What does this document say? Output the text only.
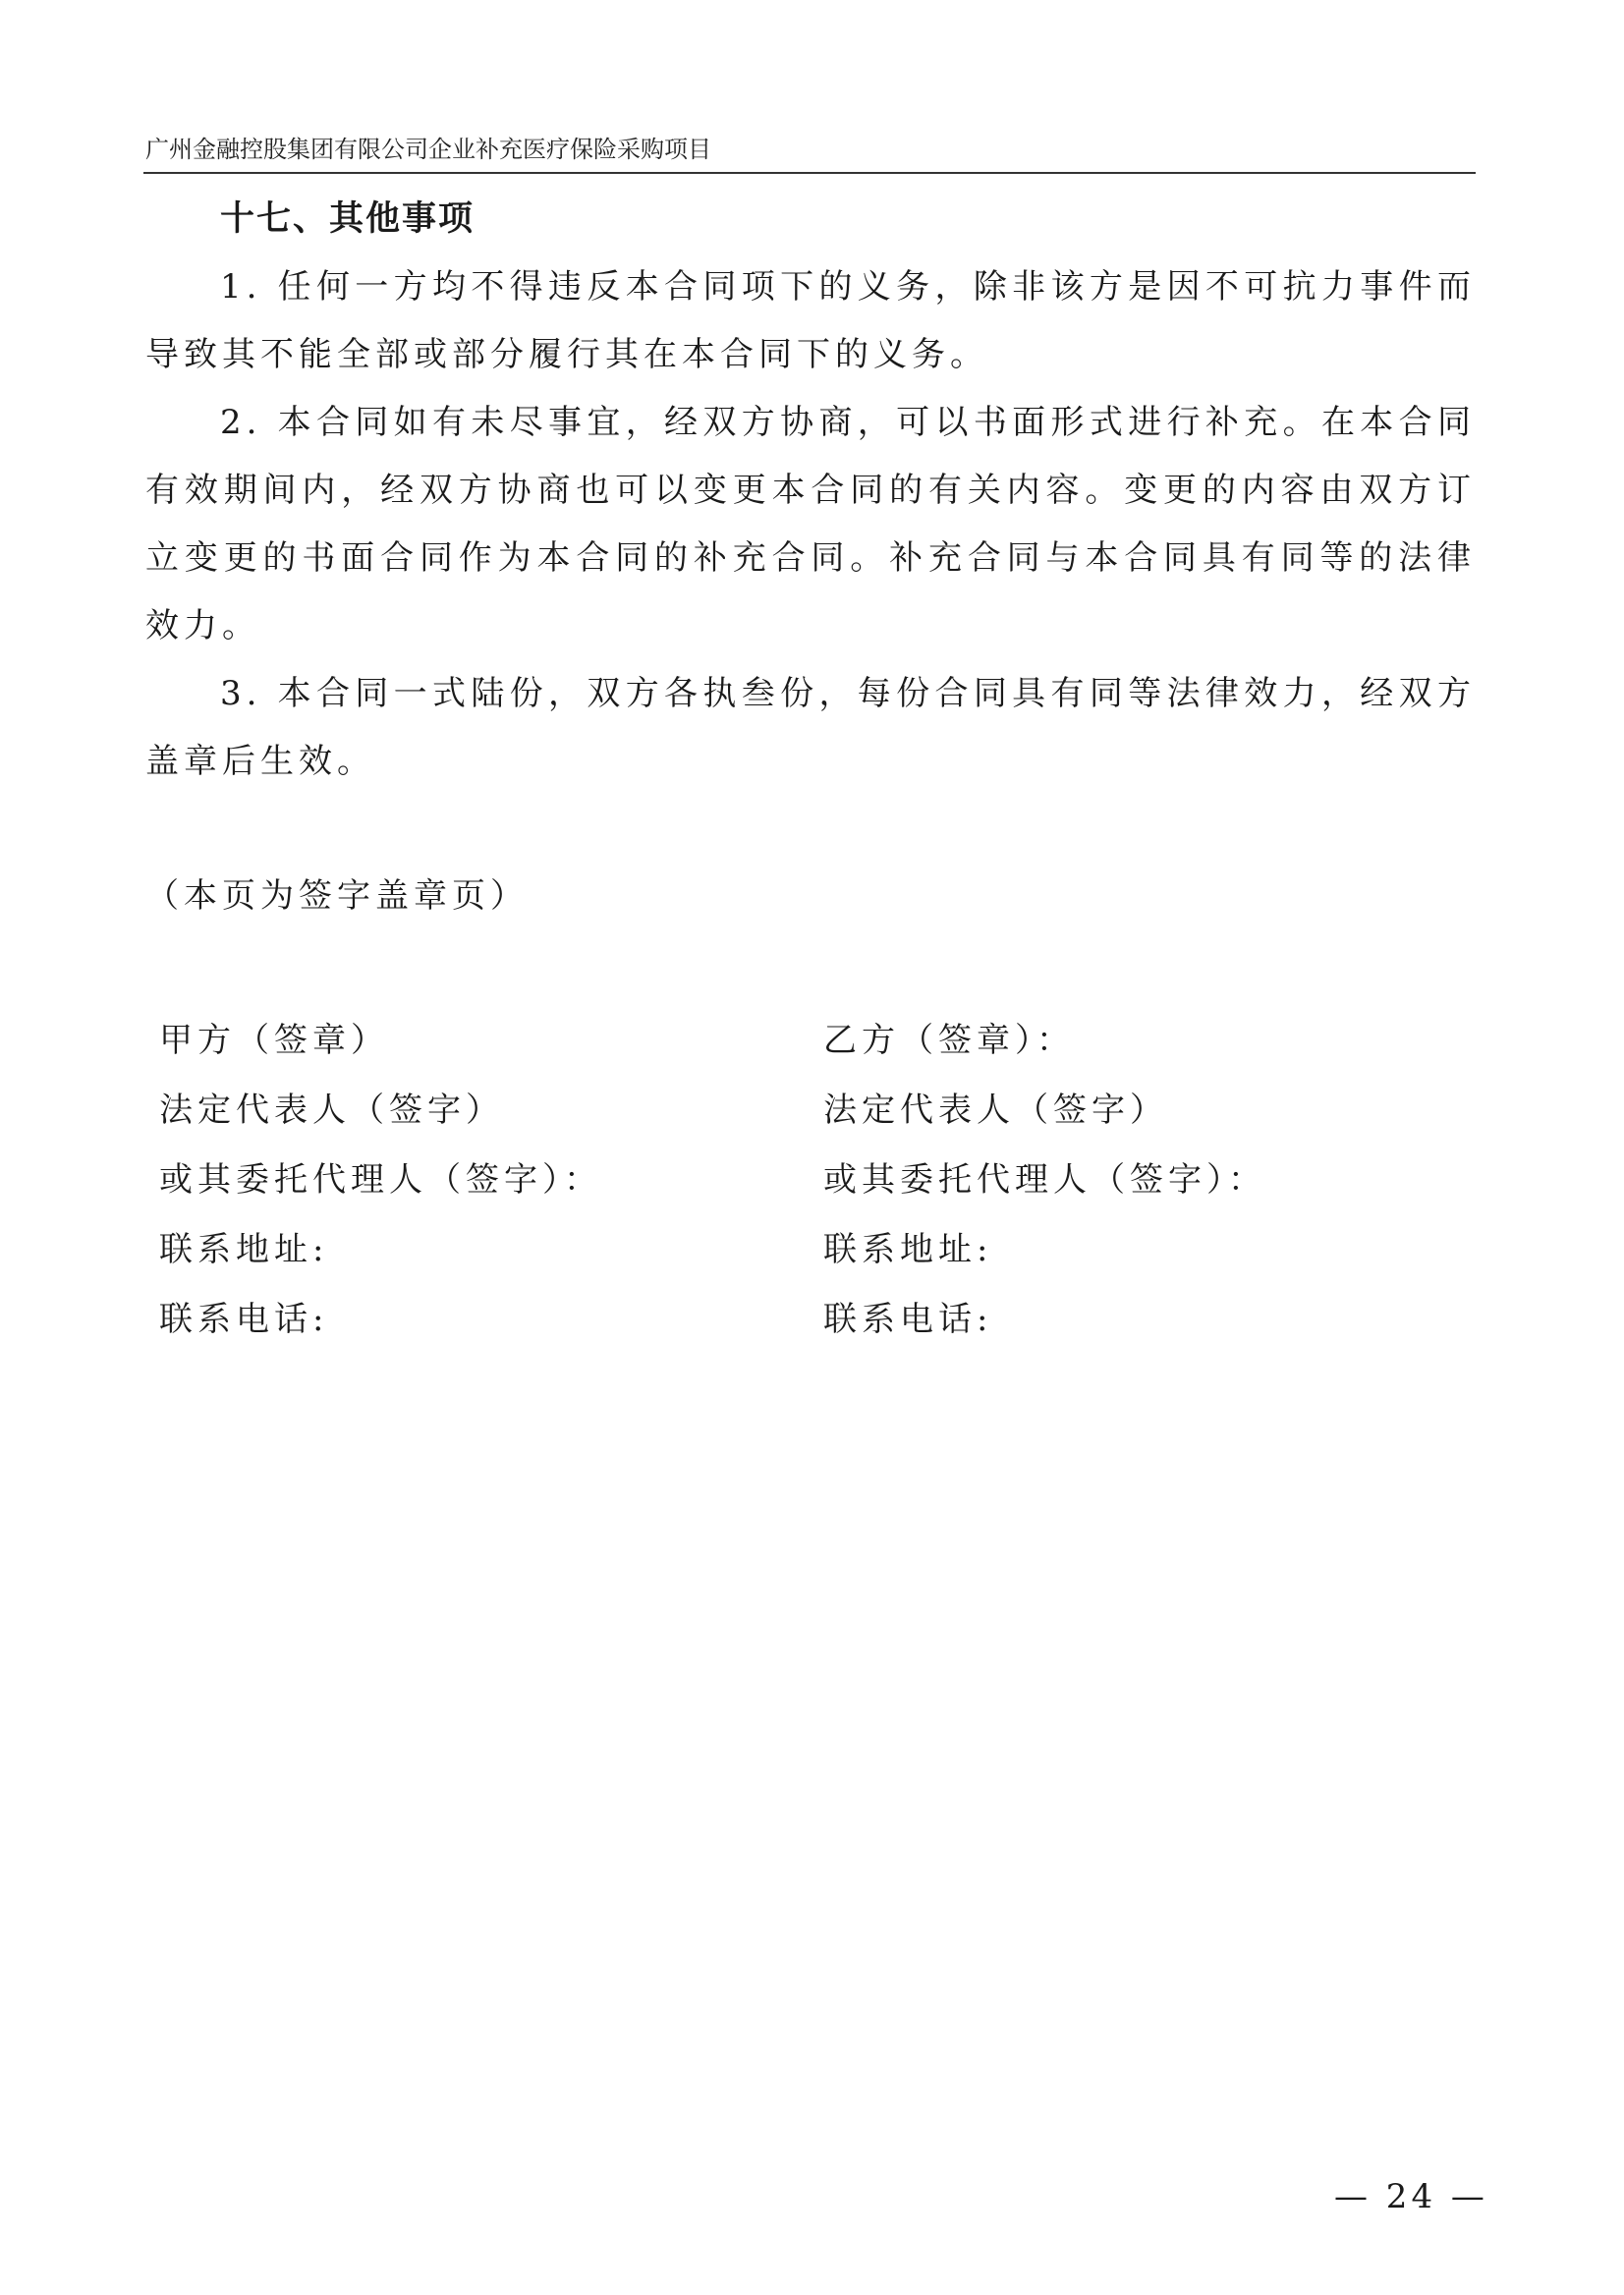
广州金融控股集团有限公司企业补充医疗保险采购项目
十七、其他事项

1. 任何一方均不得违反本合同项下的义务，除非该方是因不可抗力事件而导致其不能全部或部分履行其在本合同下的义务。

2. 本合同如有未尽事宜，经双方协商，可以书面形式进行补充。在本合同有效期间内，经双方协商也可以变更本合同的有关内容。变更的内容由双方订立变更的书面合同作为本合同的补充合同。补充合同与本合同具有同等的法律效力。

3. 本合同一式陆份，双方各执叁份，每份合同具有同等法律效力，经双方盖章后生效。

（本页为签字盖章页）
甲方（签章）
法定代表人（签字）
或其委托代理人（签字）：
联系地址:
联系电话:
乙方（签章）：
法定代表人（签字）
或其委托代理人（签字）：
联系地址:
联系电话:
— 24 —
